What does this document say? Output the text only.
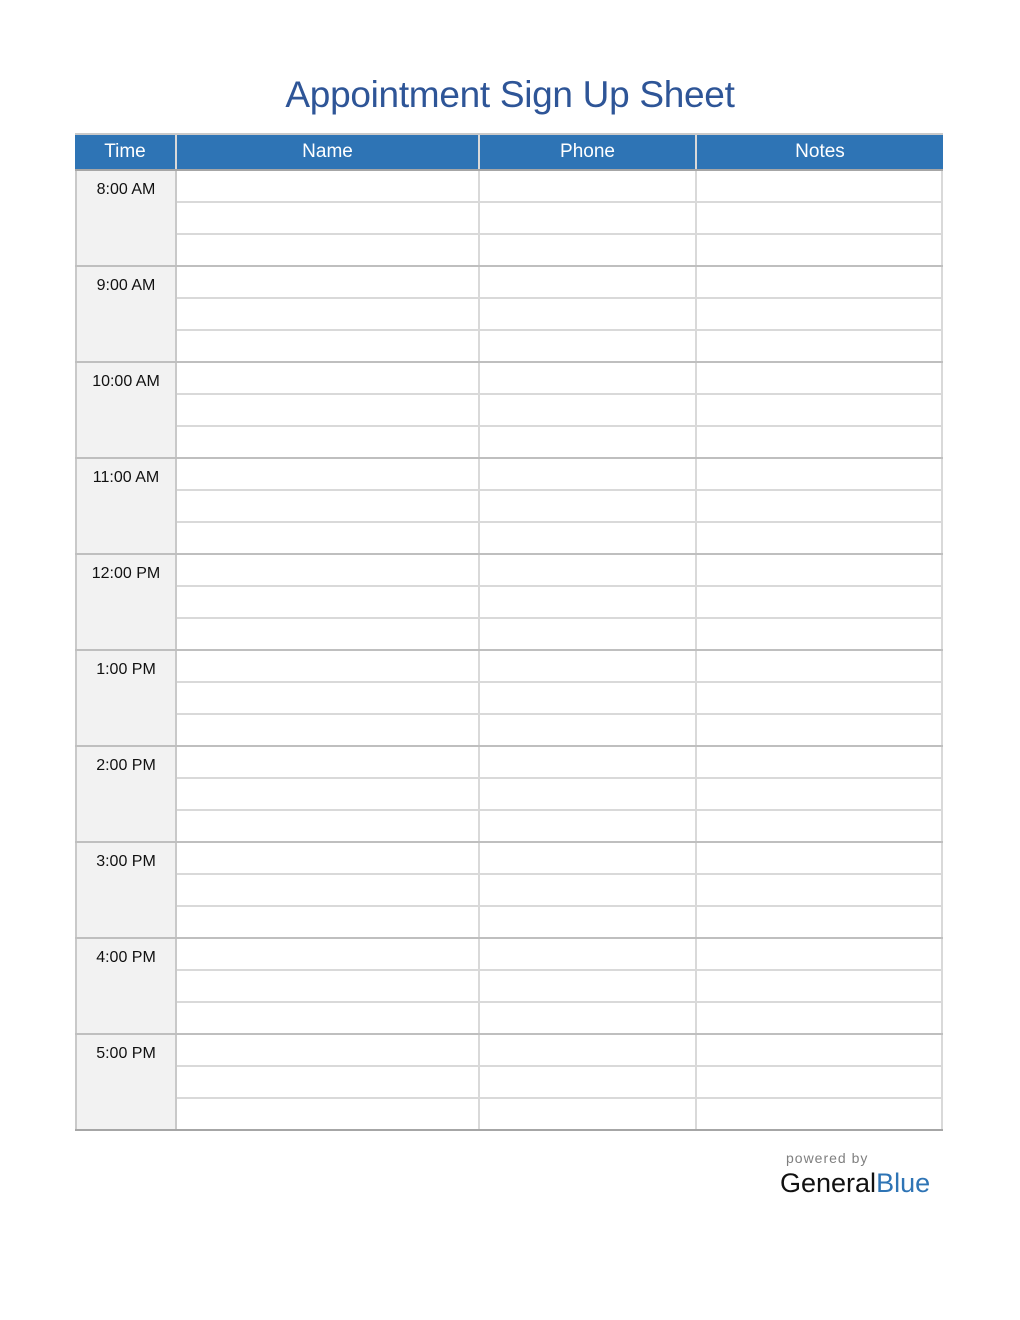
Appointment Sign Up Sheet
Time	Name	Phone	Notes
8:00 AM
9:00 AM
10:00 AM
11:00 AM
12:00 PM
1:00 PM
2:00 PM
3:00 PM
4:00 PM
5:00 PM
powered by
GeneralBlue
